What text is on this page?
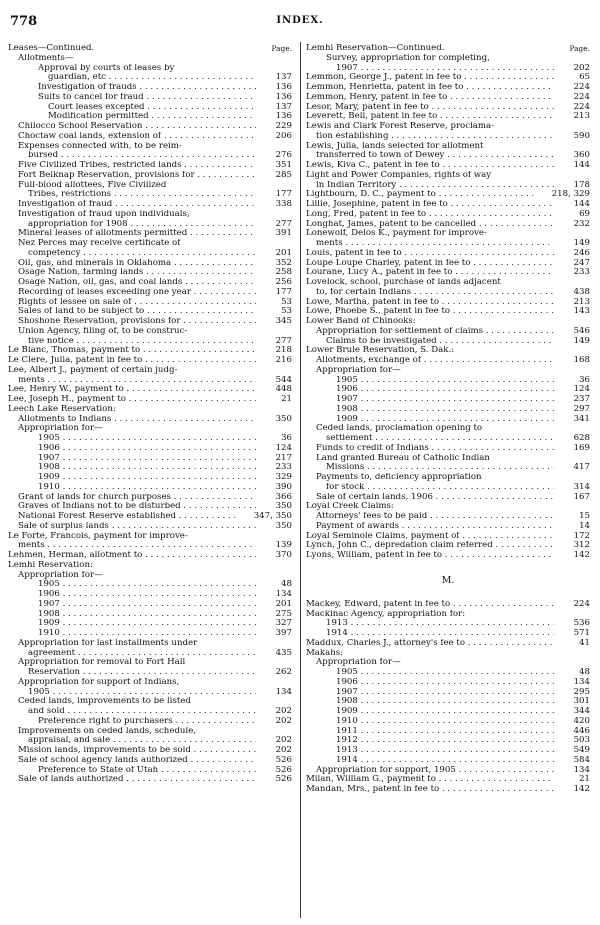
778	INDEX.
Leases—Continued.	Page.
Allotments—
Approval by courts of leases by
guardian, etc	137
. . .
Investigation of frauds	136
. . .
Suits to cancel for fraud	136
. . .
Court leases excepted	137
. . .
Modification permitted	136
. . .
Chilocco School Reservation	229
. . .
Choctaw coal lands, extension of	206
. . .
Expenses connected with, to be reim-
bursed	276
. . .
Five Civilized Tribes, restricted lands	351
. . .
Fort Belknap Reservation, provisions for	285
. . .
Full-blood allottees, Five Civilized
Tribes, restrictions	177
. . .
Investigation of fraud	338
. . .
Investigation of fraud upon individuals,
appropriation for 1908	277
. . .
Mineral leases of allotments permitted	391
. . .
Nez Perces may receive certificate of
competency	201
. . .
Oil, gas, and minerals in Oklahoma	352
. . .
Osage Nation, farming lands	258
. . .
Osage Nation, oil, gas, and coal lands	256
. . .
Recording of leases exceeding one year	177
. . .
Rights of lessee on sale of	53
. . .
Sales of land to be subject to	53
. . .
Shoshone Reservation, provisions for	345
. . .
Union Agency, filing of, to be construc-
tive notice	277
. . .
Le Blanc, Thomas, payment to	218
. . .
Le Clere, Julia, patent in fee to	216
. . .
Lee, Albert J., payment of certain judg-
ments	544
. . .
Lee, Henry W., payment to	448
. . .
Lee, Joseph H., payment to	21
. . .
Leech Lake Reservation:
Allotments to Indians	350
. . .
Appropriation for—
1905	36
. . .
1906	124
. . .
1907	217
. . .
1908	233
. . .
1909	329
. . .
1910	390
. . .
Grant of lands for church purposes	366
. . .
Graves of Indians not to be disturbed	350
. . .
National Forest Reserve established	347, 350
. . .
Sale of surplus lands	350
. . .
Le Forte, Francois, payment for improve-
ments	139
. . .
Lehmen, Herman, allotment to	370
. . .
Lemhi Reservation:
Appropriation for—
1905	48
. . .
1906	134
. . .
1907	201
. . .
1908	275
. . .
1909	327
. . .
1910	397
. . .
Appropriation for last installments under
agreement	435
. . .
Appropriation for removal to Fort Hall
Reservation	262
. . .
Appropriation for support of Indians,
1905	134
. . .
Ceded lands, improvements to be listed
and sold	202
. . .
Preference right to purchasers	202
. . .
Improvements on ceded lands, schedule,
appraisal, and sale	202
. . .
Mission lands, improvements to be sold	202
. . .
Sale of school agency lands authorized	526
. . .
Preference to State of Utah	526
. . .
Sale of lands authorized	526
. . .
Lemhi Reservation—Continued.	Page.
Survey, appropriation for completing,
1907	202
. . .
Lemmon, George J., patent in fee to	65
. . .
Lemmon, Henrietta, patent in fee to	224
. . .
Lemmon, Henry, patent in fee to	224
. . .
Lesor, Mary, patent in fee to	224
. . .
Leverett, Bell, patent in fee to	213
. . .
Lewis and Clark Forest Reserve, proclama-
tion establishing	590
. . .
Lewis, Julia, lands selected for allotment
transferred to town of Dewey	360
. . .
Lewis, Kiva C., patent in fee to	144
. . .
Light and Power Companies, rights of way
in Indian Territory	178
. . .
Lightbourn, D. C., payment to	218, 329
. . .
Lillie, Josephine, patent in fee to	144
. . .
Long, Fred, patent in fee to	69
. . .
Longhat, James, patent to be cancelled	232
. . .
Lonewolf, Delos K., payment for improve-
ments	149
. . .
Louis, patent in fee to	246
. . .
Loupe Loupe Charley, patent in fee to	247
. . .
Lourane, Lucy A., patent in fee to	233
. . .
Lovelock, school, purchase of lands adjacent
to, for certain Indians	438
. . .
Lowe, Martha, patent in fee to	213
. . .
Lowe, Phoebe S., patent in fee to	143
. . .
Lower Band of Chinooks:
Appropriation for settlement of claims	546
. . .
Claims to be investigated	149
. . .
Lower Brule Reservation, S. Dak.:
Allotments, exchange of	168
. . .
Appropriation for—
1905	36
. . .
1906	124
. . .
1907	237
. . .
1908	297
. . .
1909	341
. . .
Ceded lands, proclamation opening to
settlement	628
. . .
Funds to credit of Indians	169
. . .
Land granted Bureau of Catholic Indian
Missions	417
. . .
Payments to, deficiency appropriation
for stock	314
. . .
Sale of certain lands, 1906	167
. . .
Loyal Creek Claims:
Attorneys' fees to be paid	15
. . .
Payment of awards	14
. . .
Loyal Seminole Claims, payment of	172
. . .
Lynch, John C., depredation claim referred	312
. . .
Lyons, William, patent in fee to	142
. . .
M.
Mackey, Edward, patent in fee to	224
. . .
Mackinac Agency, appropriation for:
1913	536
. . .
1914	571
. . .
Maddux, Charles J., attorney's fee to	41
. . .
Makahs:
Appropriation for—
1905	48
. . .
1906	134
. . .
1907	295
. . .
1908	301
. . .
1909	344
. . .
1910	420
. . .
1911	446
. . .
1912	503
. . .
1913	549
. . .
1914	584
. . .
Appropriation for support, 1905	134
. . .
Milan, William G., payment to	21
. . .
Mandan, Mrs., patent in fee to	142
. . .
